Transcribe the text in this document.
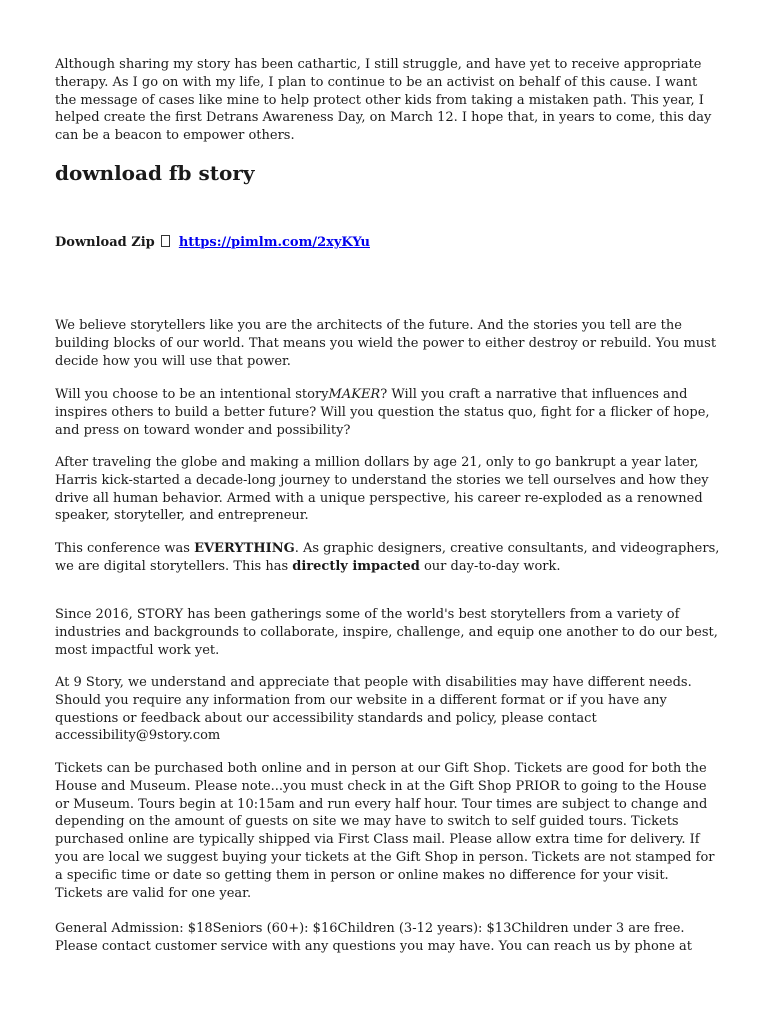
Although sharing my story has been cathartic, I still struggle, and have yet to receive appropriate therapy. As I go on with my life, I plan to continue to be an activist on behalf of this cause. I want the message of cases like mine to help protect other kids from taking a mistaken path. This year, I helped create the first Detrans Awareness Day, on March 12. I hope that, in years to come, this day can be a beacon to empower others.

download fb story
Download Zip https://pimlm.com/2xyKYu

We believe storytellers like you are the architects of the future. And the stories you tell are the building blocks of our world. That means you wield the power to either destroy or rebuild. You must decide how you will use that power.

Will you choose to be an intentional storyMAKER? Will you craft a narrative that influences and inspires others to build a better future? Will you question the status quo, fight for a flicker of hope, and press on toward wonder and possibility?

After traveling the globe and making a million dollars by age 21, only to go bankrupt a year later, Harris kick-started a decade-long journey to understand the stories we tell ourselves and how they drive all human behavior. Armed with a unique perspective, his career re-exploded as a renowned speaker, storyteller, and entrepreneur.

This conference was EVERYTHING. As graphic designers, creative consultants, and videographers, we are digital storytellers. This has directly impacted our day-to-day work.

Since 2016, STORY has been gatherings some of the world's best storytellers from a variety of industries and backgrounds to collaborate, inspire, challenge, and equip one another to do our best, most impactful work yet.

At 9 Story, we understand and appreciate that people with disabilities may have different needs. Should you require any information from our website in a different format or if you have any questions or feedback about our accessibility standards and policy, please contact accessibility@9story.com

Tickets can be purchased both online and in person at our Gift Shop. Tickets are good for both the House and Museum. Please note...you must check in at the Gift Shop PRIOR to going to the House or Museum. Tours begin at 10:15am and run every half hour. Tour times are subject to change and depending on the amount of guests on site we may have to switch to self guided tours. Tickets purchased online are typically shipped via First Class mail. Please allow extra time for delivery. If you are local we suggest buying your tickets at the Gift Shop in person. Tickets are not stamped for a specific time or date so getting them in person or online makes no difference for your visit. Tickets are valid for one year.

General Admission: $18Seniors (60+): $16Children (3-12 years): $13Children under 3 are free. Please contact customer service with any questions you may have. You can reach us by phone at
